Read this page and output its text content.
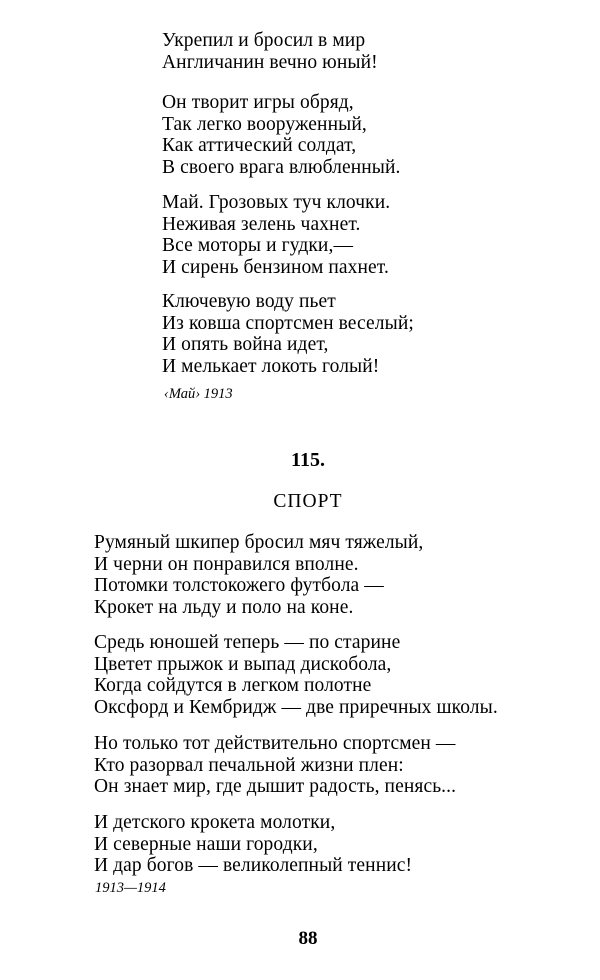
Укрепил и бросил в мир
Англичанин вечно юный!
Он творит игры обряд,
Так легко вооруженный,
Как аттический солдат,
В своего врага влюбленный.
Май. Грозовых туч клочки.
Неживая зелень чахнет.
Все моторы и гудки,—
И сирень бензином пахнет.
Ключевую воду пьет
Из ковша спортсмен веселый;
И опять война идет,
И мелькает локоть голый!
‹Май› 1913
115.
СПОРТ
Румяный шкипер бросил мяч тяжелый,
И черни он понравился вполне.
Потомки толстокожего футбола —
Крокет на льду и поло на коне.
Средь юношей теперь — по старине
Цветет прыжок и выпад дискобола,
Когда сойдутся в легком полотне
Оксфорд и Кембридж — две приречных школы.
Но только тот действительно спортсмен —
Кто разорвал печальной жизни плен:
Он знает мир, где дышит радость, пенясь...
И детского крокета молотки,
И северные наши городки,
И дар богов — великолепный теннис!
1913—1914
88
